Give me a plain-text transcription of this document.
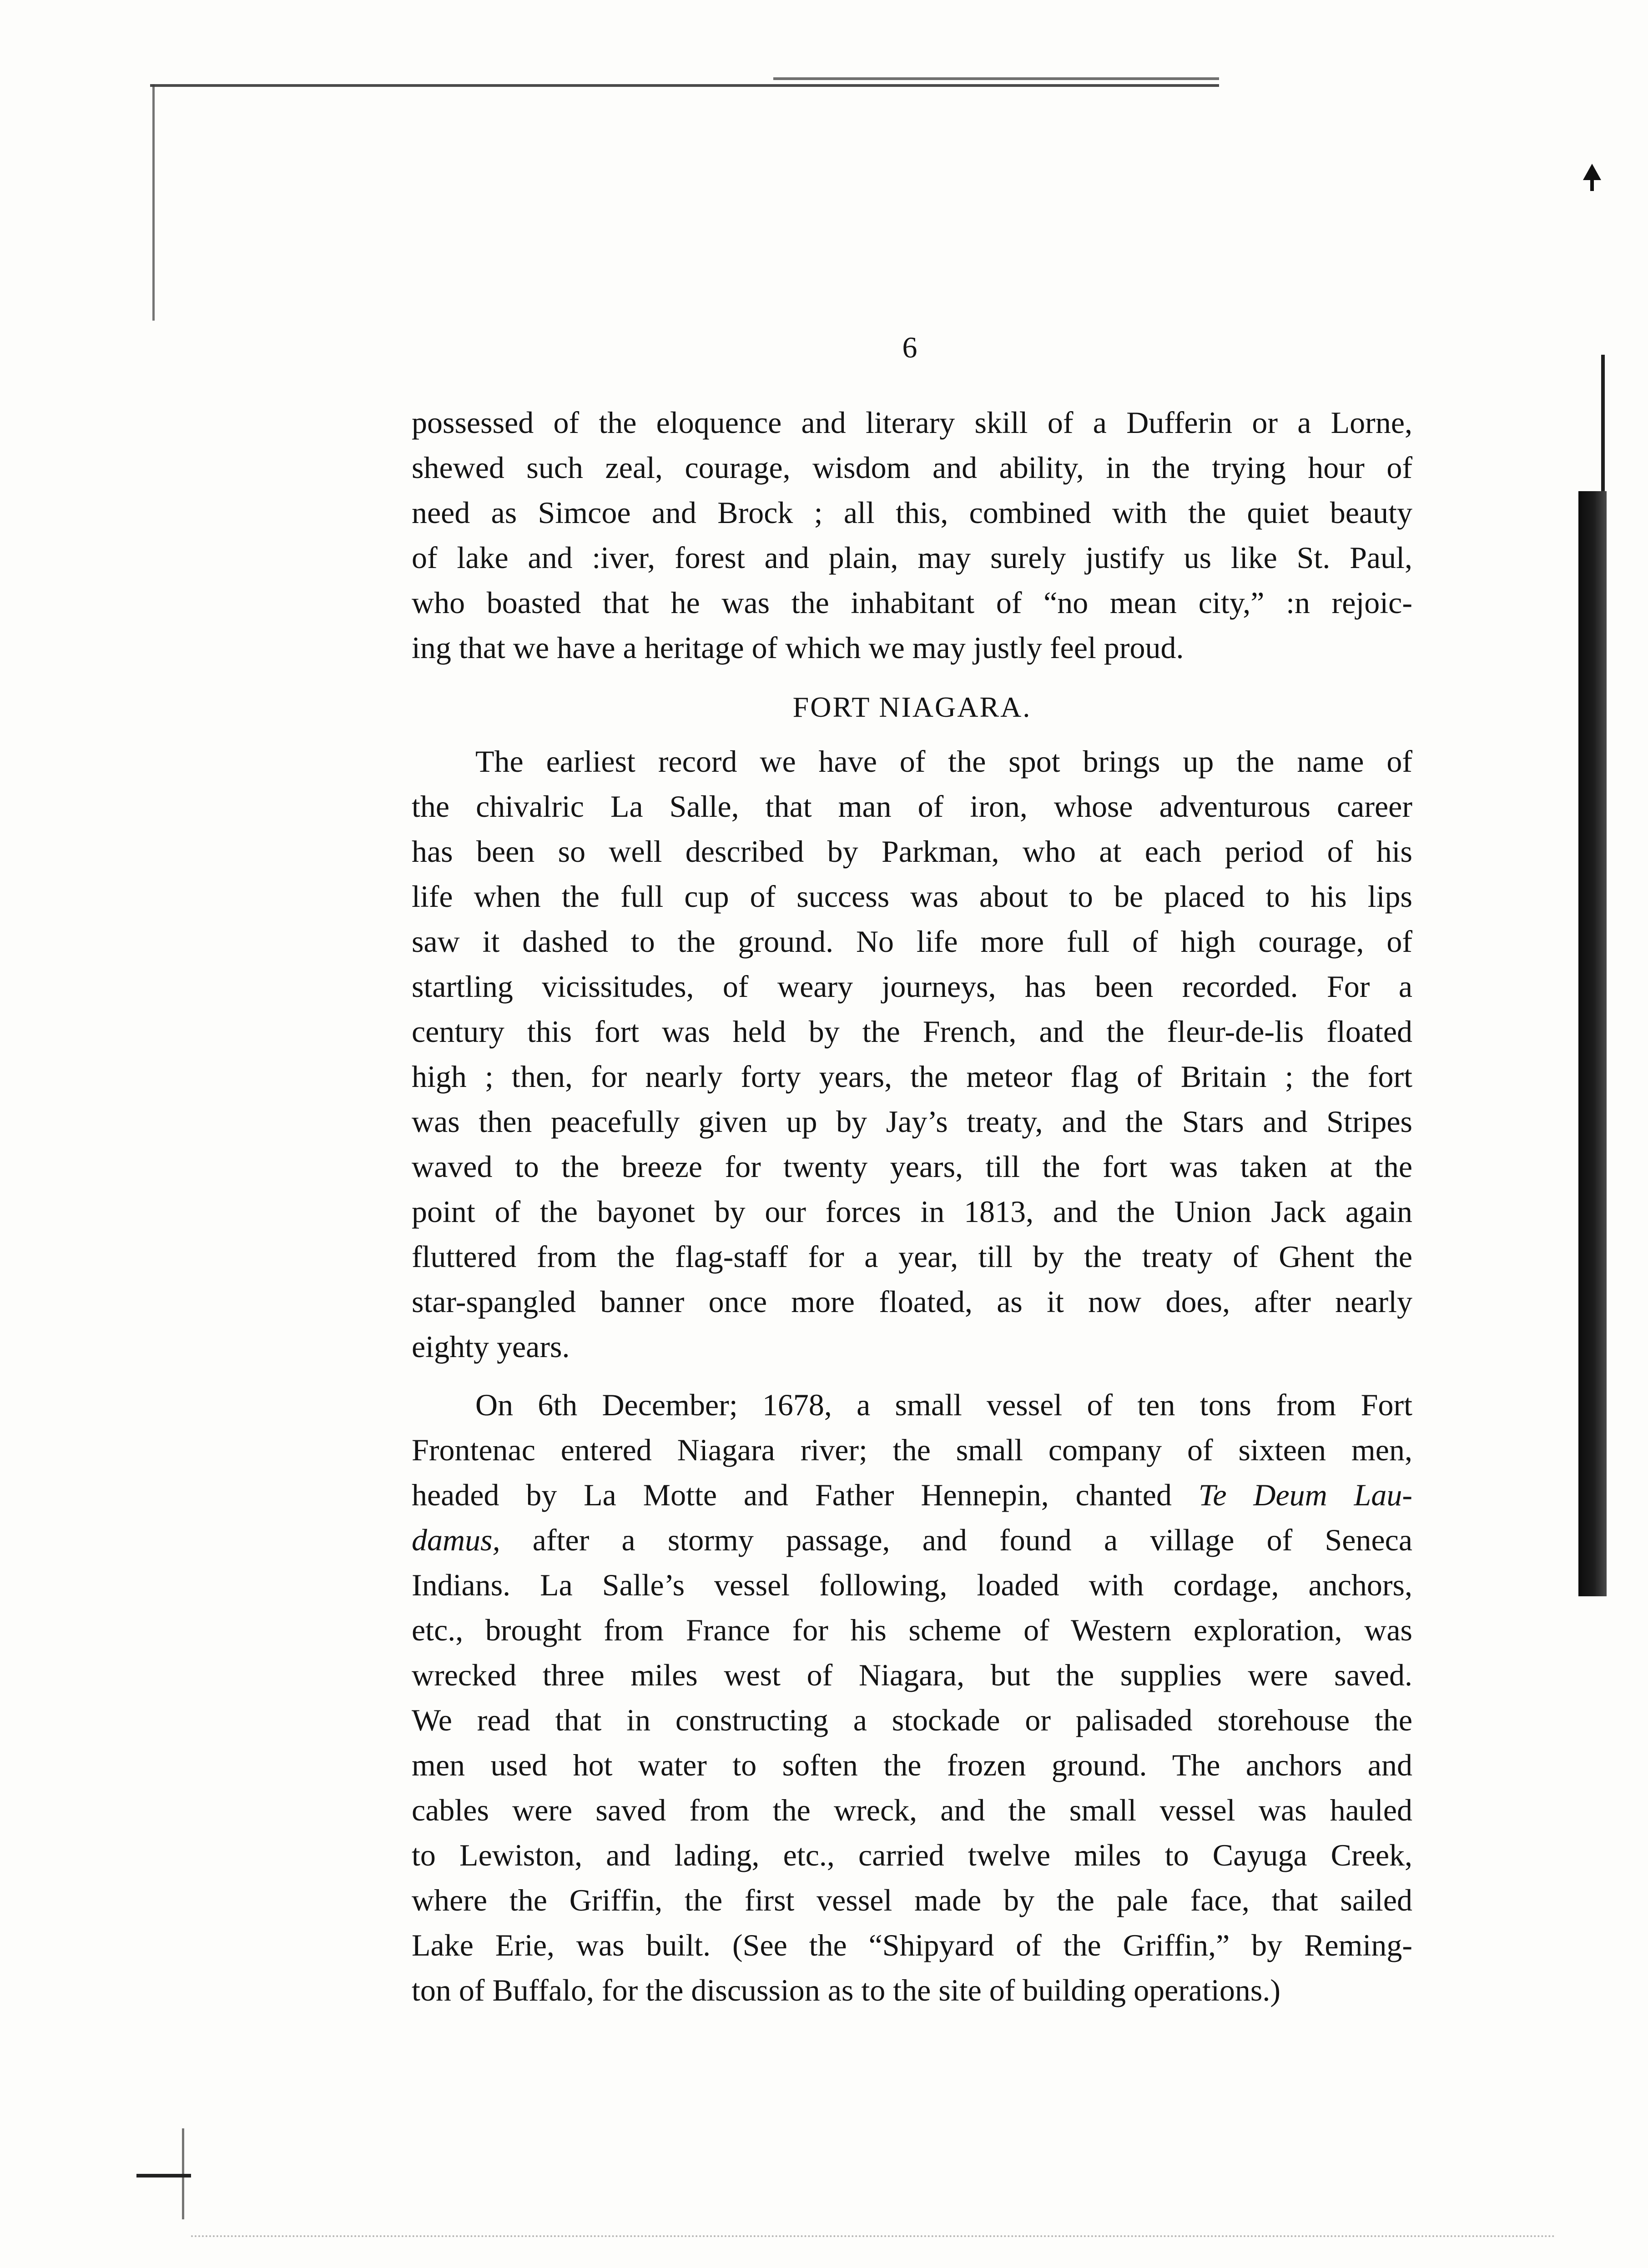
6
possessed of the eloquence and literary skill of a Dufferin or a Lorne,
shewed such zeal, courage, wisdom and ability, in the trying hour of
need as Simcoe and Brock ; all this, combined with the quiet beauty
of lake and :iver, forest and plain, may surely justify us like St. Paul,
who boasted that he was the inhabitant of “no mean city,” :n rejoic-
ing that we have a heritage of which we may justly feel proud.
FORT NIAGARA.
The earliest record we have of the spot brings up the name of
the chivalric La Salle, that man of iron, whose adventurous career
has been so well described by Parkman, who at each period of his
life when the full cup of success was about to be placed to his lips
saw it dashed to the ground. No life more full of high courage, of
startling vicissitudes, of weary journeys, has been recorded. For a
century this fort was held by the French, and the fleur-de-lis floated
high ; then, for nearly forty years, the meteor flag of Britain ; the fort
was then peacefully given up by Jay’s treaty, and the Stars and Stripes
waved to the breeze for twenty years, till the fort was taken at the
point of the bayonet by our forces in 1813, and the Union Jack again
fluttered from the flag-staff for a year, till by the treaty of Ghent the
star-spangled banner once more floated, as it now does, after nearly
eighty years.
On 6th December; 1678, a small vessel of ten tons from Fort
Frontenac entered Niagara river; the small company of sixteen men,
headed by La Motte and Father Hennepin, chanted Te Deum Lau-
damus, after a stormy passage, and found a village of Seneca
Indians. La Salle’s vessel following, loaded with cordage, anchors,
etc., brought from France for his scheme of Western exploration, was
wrecked three miles west of Niagara, but the supplies were saved.
We read that in constructing a stockade or palisaded storehouse the
men used hot water to soften the frozen ground. The anchors and
cables were saved from the wreck, and the small vessel was hauled
to Lewiston, and lading, etc., carried twelve miles to Cayuga Creek,
where the Griffin, the first vessel made by the pale face, that sailed
Lake Erie, was built. (See the “Shipyard of the Griffin,” by Reming-
ton of Buffalo, for the discussion as to the site of building operations.)
